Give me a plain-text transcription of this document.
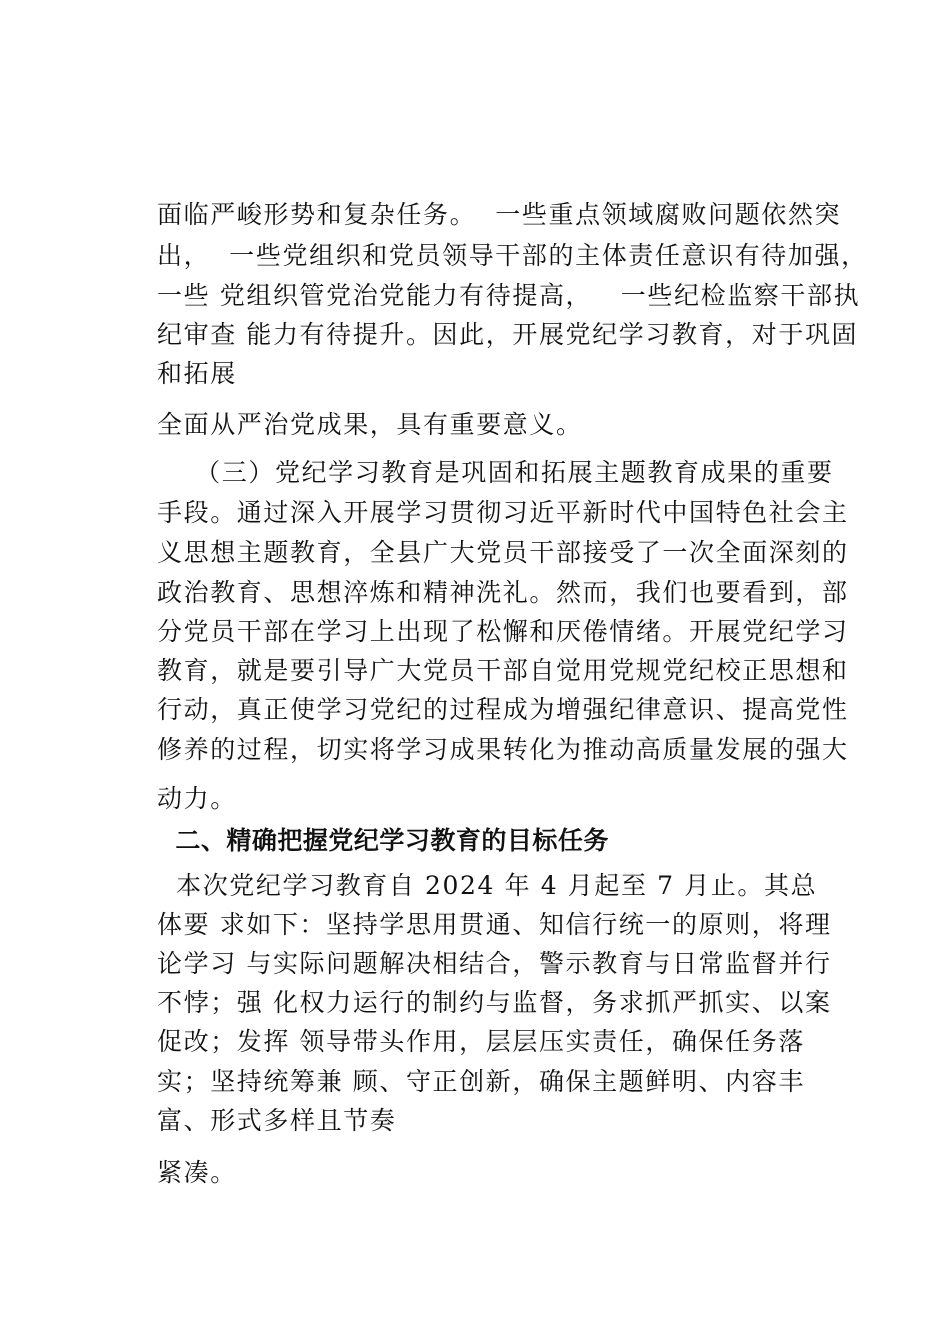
面临严峻形势和复杂任务。  一些重点领域腐败问题依然突
出，  一些党组织和党员领导干部的主体责任意识有待加强，
一些 党组织管党治党能力有待提高，   一些纪检监察干部执
纪审查 能力有待提升。因此，开展党纪学习教育，对于巩固
和拓展
全面从严治党成果，具有重要意义。
（三）党纪学习教育是巩固和拓展主题教育成果的重要
手段。通过深入开展学习贯彻习近平新时代中国特色社会主
义思想主题教育，全县广大党员干部接受了一次全面深刻的
政治教育、思想淬炼和精神洗礼。然而，我们也要看到，部
分党员干部在学习上出现了松懈和厌倦情绪。开展党纪学习
教育，就是要引导广大党员干部自觉用党规党纪校正思想和
行动，真正使学习党纪的过程成为增强纪律意识、提高党性
修养的过程，切实将学习成果转化为推动高质量发展的强大
动力。
二、精确把握党纪学习教育的目标任务
本次党纪学习教育自 2024 年 4 月起至 7 月止。其总
体要 求如下：坚持学思用贯通、知信行统一的原则，将理
论学习 与实际问题解决相结合，警示教育与日常监督并行
不悖；强 化权力运行的制约与监督，务求抓严抓实、以案
促改；发挥 领导带头作用，层层压实责任，确保任务落
实；坚持统筹兼 顾、守正创新，确保主题鲜明、内容丰
富、形式多样且节奏
紧凑。
